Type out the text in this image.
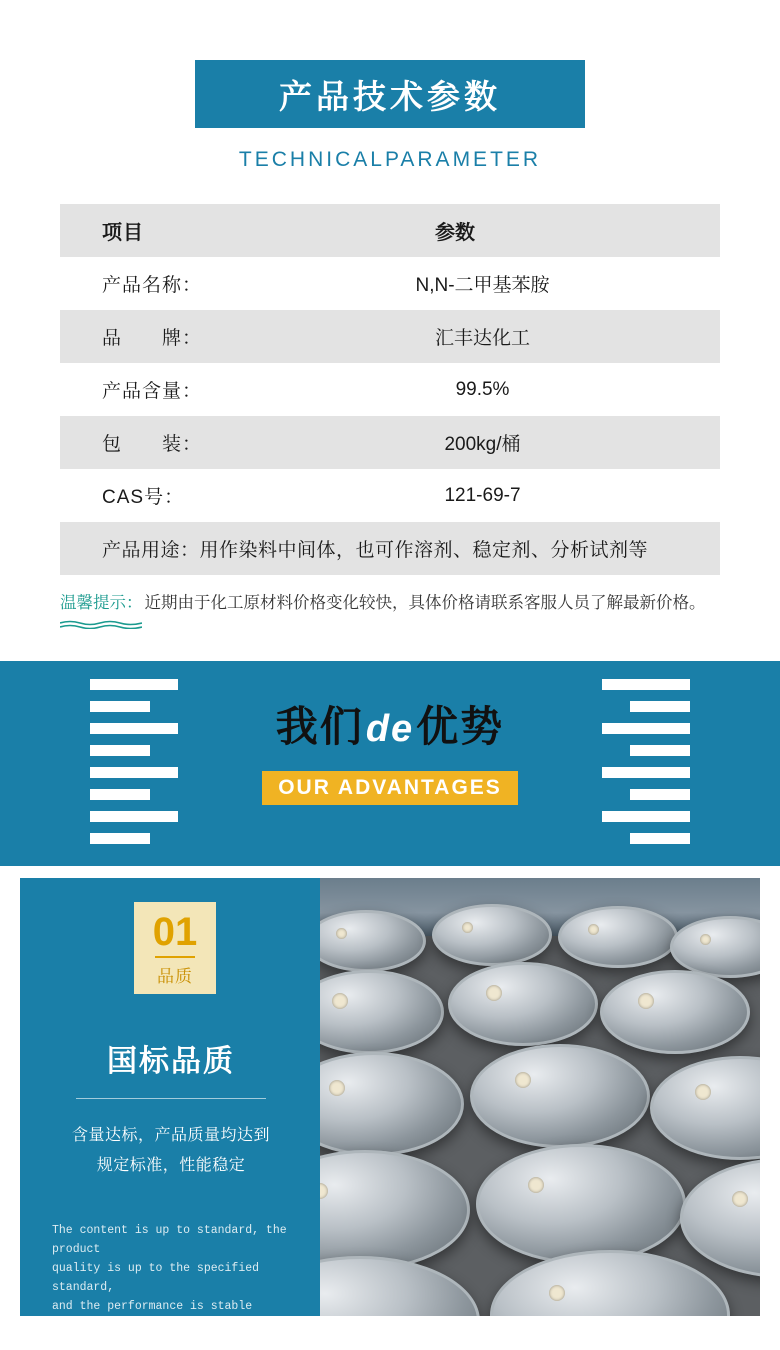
产品技术参数
TECHNICALPARAMETER
项目	参数
产品名称：	N,N-二甲基苯胺
品　　牌：	汇丰达化工
产品含量：	99.5%
包　　装：	200kg/桶
CAS号：	121-69-7
产品用途：用作染料中间体，也可作溶剂、稳定剂、分析试剂等	
温馨提示： 近期由于化工原材料价格变化较快，具体价格请联系客服人员了解最新价格。
我们de优势
OUR ADVANTAGES
01
品质
国标品质
含量达标，产品质量均达到
规定标准，性能稳定
The content is up to standard, the product
quality is up to the specified standard,
and the performance is stable
